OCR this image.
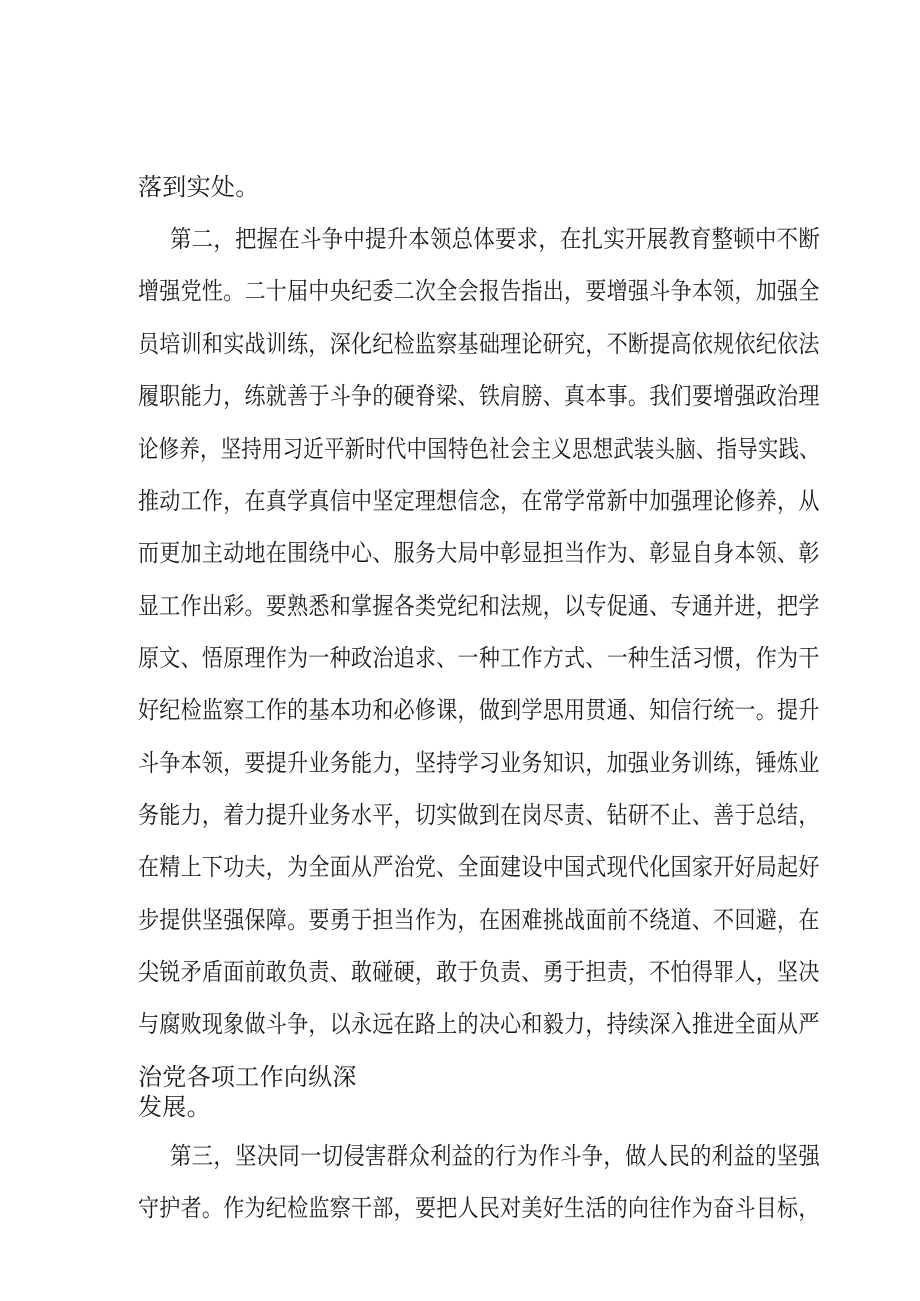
落到实处。
第二，把握在斗争中提升本领总体要求，在扎实开展教育整顿中不断
增强党性。二十届中央纪委二次全会报告指出，要增强斗争本领，加强全
员培训和实战训练，深化纪检监察基础理论研究，不断提高依规依纪依法
履职能力，练就善于斗争的硬脊梁、铁肩膀、真本事。我们要增强政治理
论修养，坚持用习近平新时代中国特色社会主义思想武装头脑、指导实践、
推动工作，在真学真信中坚定理想信念，在常学常新中加强理论修养，从
而更加主动地在围绕中心、服务大局中彰显担当作为、彰显自身本领、彰
显工作出彩。要熟悉和掌握各类党纪和法规，以专促通、专通并进，把学
原文、悟原理作为一种政治追求、一种工作方式、一种生活习惯，作为干
好纪检监察工作的基本功和必修课，做到学思用贯通、知信行统一。提升
斗争本领，要提升业务能力，坚持学习业务知识，加强业务训练，锤炼业
务能力，着力提升业务水平，切实做到在岗尽责、钻研不止、善于总结，
在精上下功夫，为全面从严治党、全面建设中国式现代化国家开好局起好
步提供坚强保障。要勇于担当作为，在困难挑战面前不绕道、不回避，在
尖锐矛盾面前敢负责、敢碰硬，敢于负责、勇于担责，不怕得罪人，坚决
与腐败现象做斗争，以永远在路上的决心和毅力，持续深入推进全面从严
治党各项工作向纵深
发展。
第三，坚决同一切侵害群众利益的行为作斗争，做人民的利益的坚强
守护者。作为纪检监察干部，要把人民对美好生活的向往作为奋斗目标，
